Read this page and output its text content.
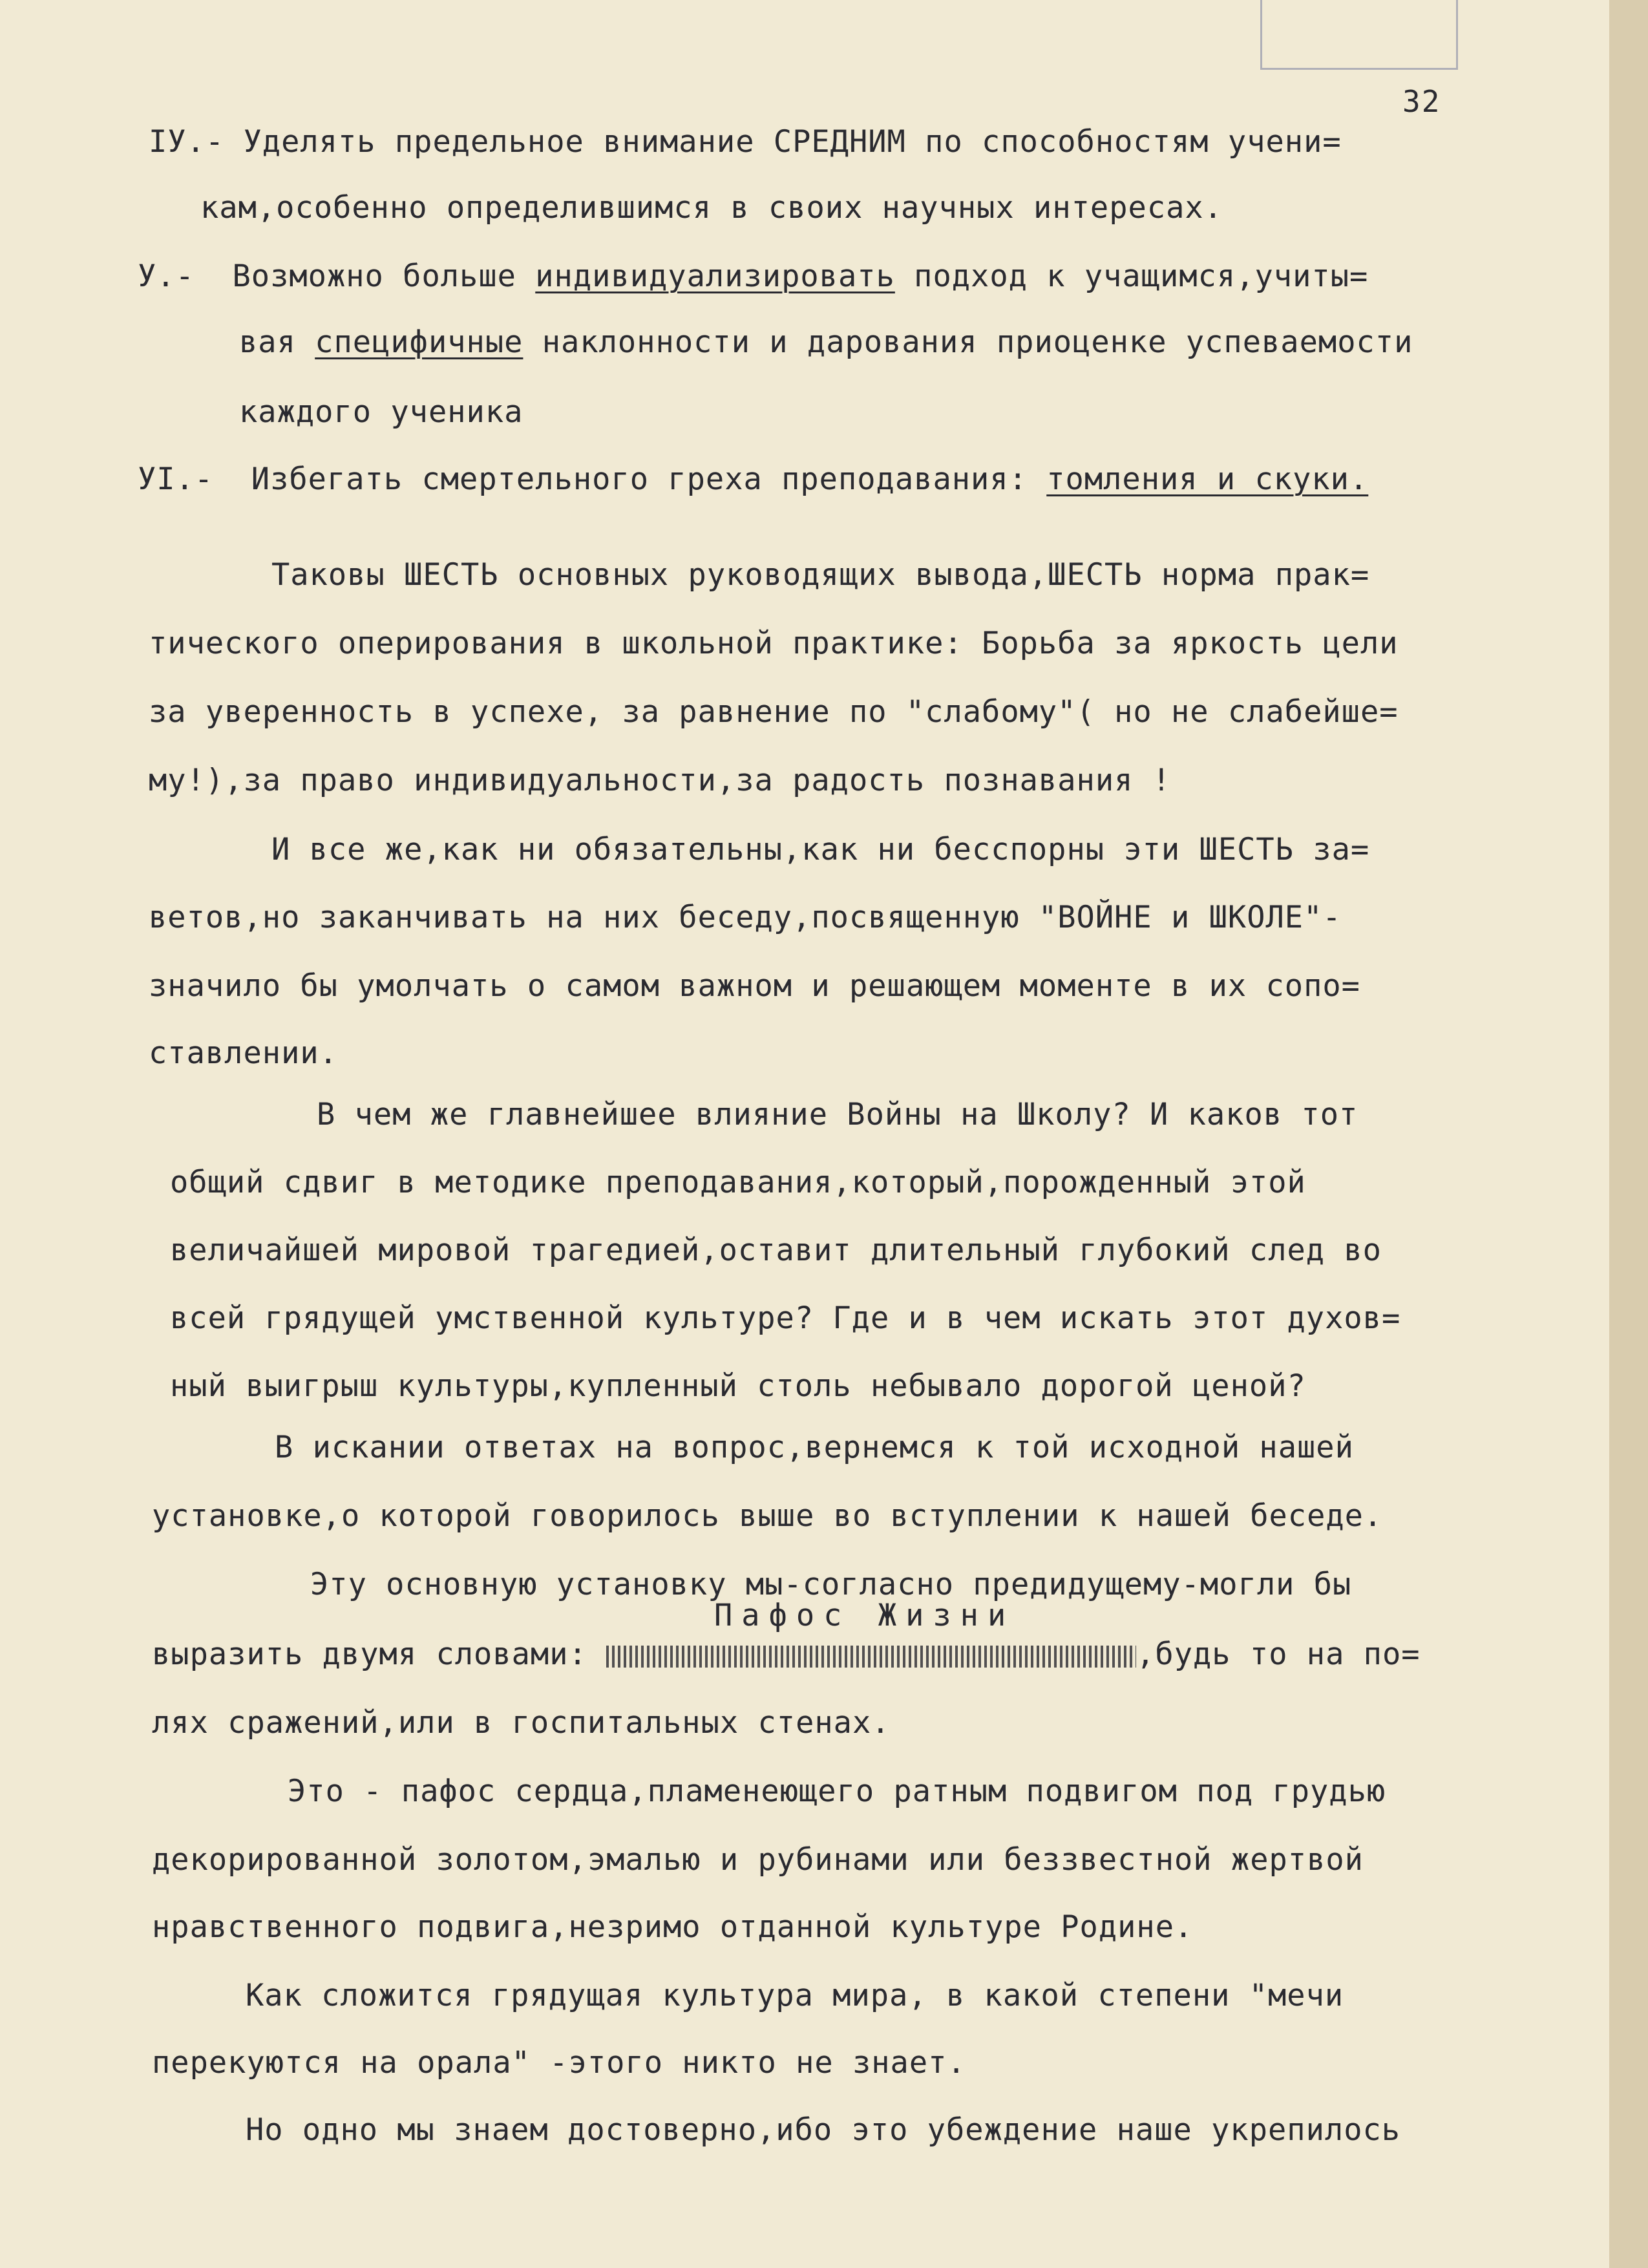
32
IУ.- Уделять предельное внимание СРЕДНИМ по способностям учени=
кам,особенно определившимся в своих научных интересах.
У.- Возможно больше индивидуализировать подход к учащимся,учиты=
вая специфичные наклонности и дарования приоценке успеваемости
каждого ученика
УI.- Избегать смертельного греха преподавания: томления и скуки.
Таковы ШЕСТЬ основных руководящих вывода,ШЕСТЬ норма прак=
тического оперирования в школьной практике: Борьба за яркость цели
за уверенность в успехе, за равнение по "слабому"( но не слабейше=
му!),за право индивидуальности,за радость познавания !
И все же,как ни обязательны,как ни бесспорны эти ШЕСТЬ за=
ветов,но заканчивать на них беседу,посвященную "ВОЙНЕ и ШКОЛЕ"-
значило бы умолчать о самом важном и решающем моменте в их сопо=
ставлении.
В чем же главнейшее влияние Войны на Школу? И каков тот
общий сдвиг в методике преподавания,который,порожденный этой
величайшей мировой трагедией,оставит длительный глубокий след во
всей грядущей умственной культуре? Где и в чем искать этот духов=
ный выигрыш культуры,купленный столь небывало дорогой ценой?
В искании ответах на вопрос,вернемся к той исходной нашей
установке,о которой говорилось выше во вступлении к нашей беседе.
Эту основную установку мы-согласно предидущему-могли бы
Пафос Жизни
выразить двумя словами:	,будь то на по=
лях сражений,или в госпитальных стенах.
Это - пафос сердца,пламенеющего ратным подвигом под грудью
декорированной золотом,эмалью и рубинами или беззвестной жертвой
нравственного подвига,незримо отданной культуре Родине.
Как сложится грядущая культура мира, в какой степени "мечи
перекуются на орала" -этого никто не знает.
Но одно мы знаем достоверно,ибо это убеждение наше укрепилось
